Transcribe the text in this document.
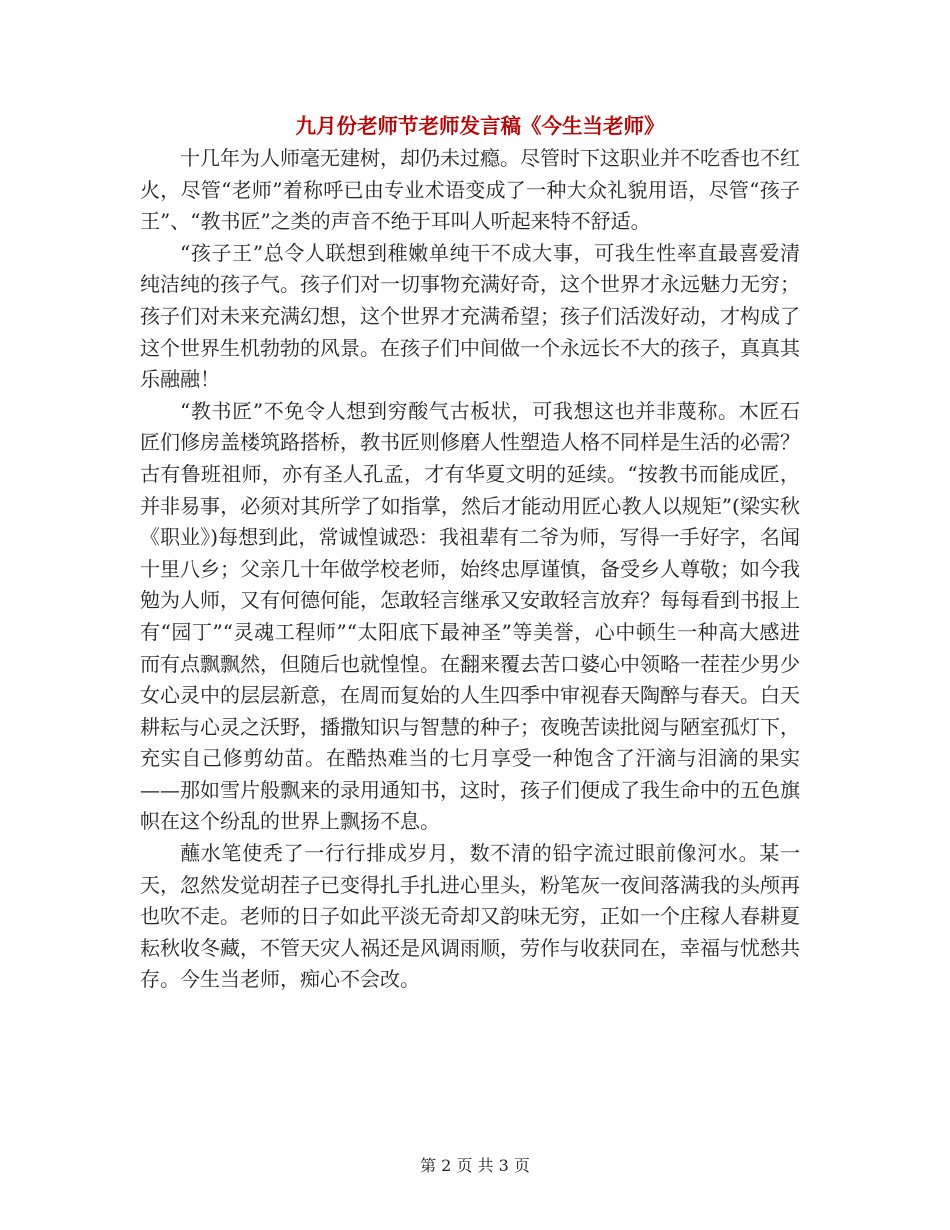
九月份老师节老师发言稿《今生当老师》

十几年为人师毫无建树，却仍未过瘾。尽管时下这职业并不吃香也不红火，尽管“老师”着称呼已由专业术语变成了一种大众礼貌用语，尽管“孩子王”、“教书匠”之类的声音不绝于耳叫人听起来特不舒适。

“孩子王”总令人联想到稚嫩单纯干不成大事，可我生性率直最喜爱清纯洁纯的孩子气。孩子们对一切事物充满好奇，这个世界才永远魅力无穷；孩子们对未来充满幻想，这个世界才充满希望；孩子们活泼好动，才构成了这个世界生机勃勃的风景。在孩子们中间做一个永远长不大的孩子，真真其乐融融！

“教书匠”不免令人想到穷酸气古板状，可我想这也并非蔑称。木匠石匠们修房盖楼筑路搭桥，教书匠则修磨人性塑造人格不同样是生活的必需？古有鲁班祖师，亦有圣人孔孟，才有华夏文明的延续。“按教书而能成匠，并非易事，必须对其所学了如指掌，然后才能动用匠心教人以规矩”(梁实秋《职业》)每想到此，常诚惶诚恐：我祖辈有二爷为师，写得一手好字，名闻十里八乡；父亲几十年做学校老师，始终忠厚谨慎，备受乡人尊敬；如今我勉为人师，又有何德何能，怎敢轻言继承又安敢轻言放弃？每每看到书报上有“园丁”“灵魂工程师”“太阳底下最神圣”等美誉，心中顿生一种高大感进而有点飘飘然，但随后也就惶惶。在翻来覆去苦口婆心中领略一茬茬少男少女心灵中的层层新意，在周而复始的人生四季中审视春天陶醉与春天。白天耕耘与心灵之沃野，播撒知识与智慧的种子；夜晚苦读批阅与陋室孤灯下，充实自己修剪幼苗。在酷热难当的七月享受一种饱含了汗滴与泪滴的果实——那如雪片般飘来的录用通知书，这时，孩子们便成了我生命中的五色旗帜在这个纷乱的世界上飘扬不息。

蘸水笔使秃了一行行排成岁月，数不清的铅字流过眼前像河水。某一天，忽然发觉胡茬子已变得扎手扎进心里头，粉笔灰一夜间落满我的头颅再也吹不走。老师的日子如此平淡无奇却又韵味无穷，正如一个庄稼人春耕夏耘秋收冬藏，不管天灾人祸还是风调雨顺，劳作与收获同在，幸福与忧愁共存。今生当老师，痴心不会改。

第 2 页 共 3 页
